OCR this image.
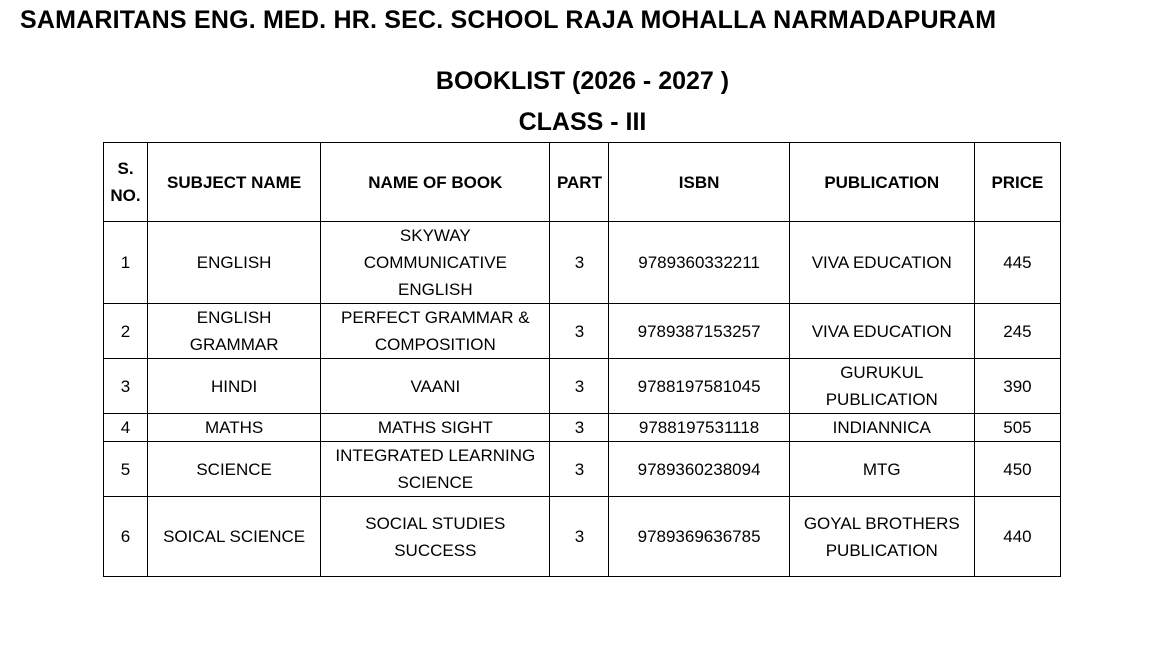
SAMARITANS ENG. MED. HR. SEC. SCHOOL RAJA MOHALLA NARMADAPURAM
BOOKLIST (2026 - 2027 )
CLASS - III
S. NO.	SUBJECT NAME	NAME OF BOOK	PART	ISBN	PUBLICATION	PRICE
1	ENGLISH	SKYWAY COMMUNICATIVE ENGLISH	3	9789360332211	VIVA EDUCATION	445
2	ENGLISH GRAMMAR	PERFECT GRAMMAR & COMPOSITION	3	9789387153257	VIVA EDUCATION	245
3	HINDI	VAANI	3	9788197581045	GURUKUL PUBLICATION	390
4	MATHS	MATHS SIGHT	3	9788197531118	INDIANNICA	505
5	SCIENCE	INTEGRATED LEARNING SCIENCE	3	9789360238094	MTG	450
6	SOICAL SCIENCE	SOCIAL STUDIES SUCCESS	3	9789369636785	GOYAL BROTHERS PUBLICATION	440
